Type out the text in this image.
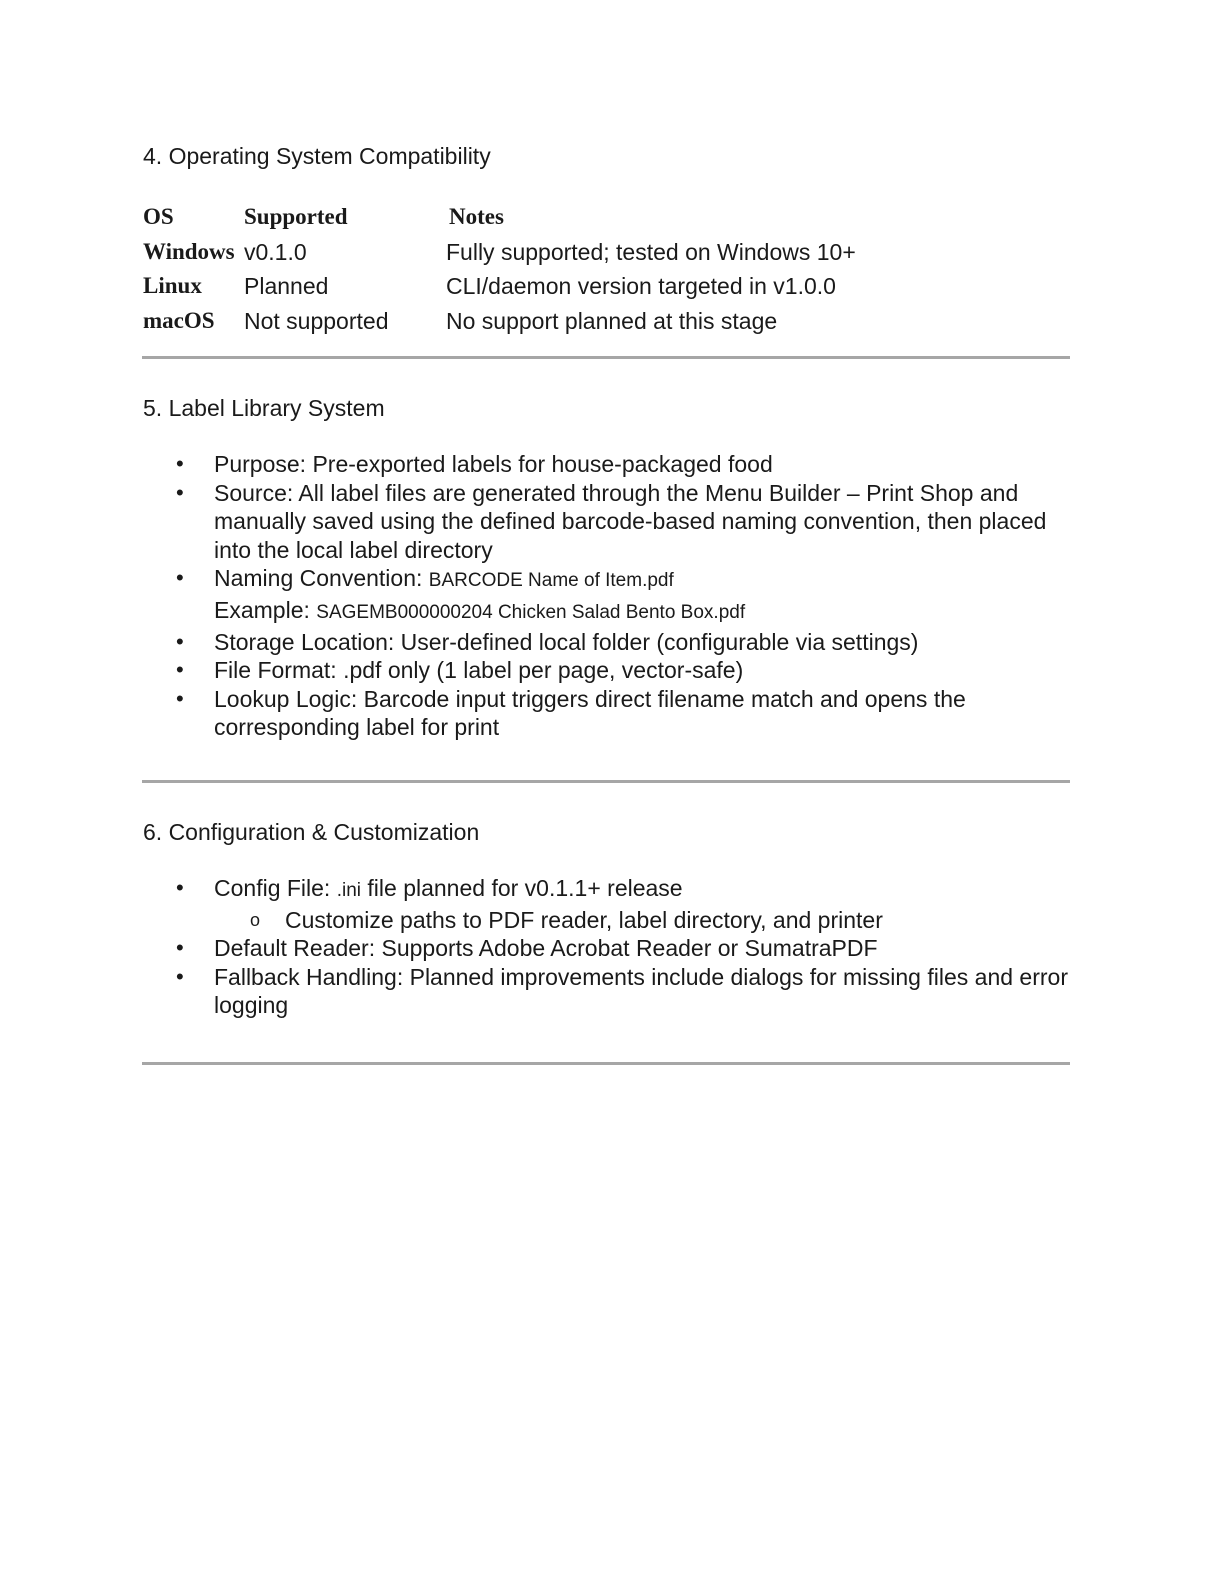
4. Operating System Compatibility
OS	Supported	Notes
Windows v0.1.0	Fully supported; tested on Windows 10+
Linux Planned	CLI/daemon version targeted in v1.0.0
macOS Not supported	No support planned at this stage
5. Label Library System
• Purpose: Pre-exported labels for house-packaged food
• Source: All label files are generated through the Menu Builder – Print Shop and manually saved using the defined barcode-based naming convention, then placed into the local label directory
• Naming Convention: BARCODE Name of Item.pdf
Example: SAGEMB000000204 Chicken Salad Bento Box.pdf
• Storage Location: User-defined local folder (configurable via settings)
• File Format: .pdf only (1 label per page, vector-safe)
• Lookup Logic: Barcode input triggers direct filename match and opens the corresponding label for print
6. Configuration & Customization
• Config File: .ini file planned for v0.1.1+ release
o Customize paths to PDF reader, label directory, and printer
• Default Reader: Supports Adobe Acrobat Reader or SumatraPDF
• Fallback Handling: Planned improvements include dialogs for missing files and error logging
